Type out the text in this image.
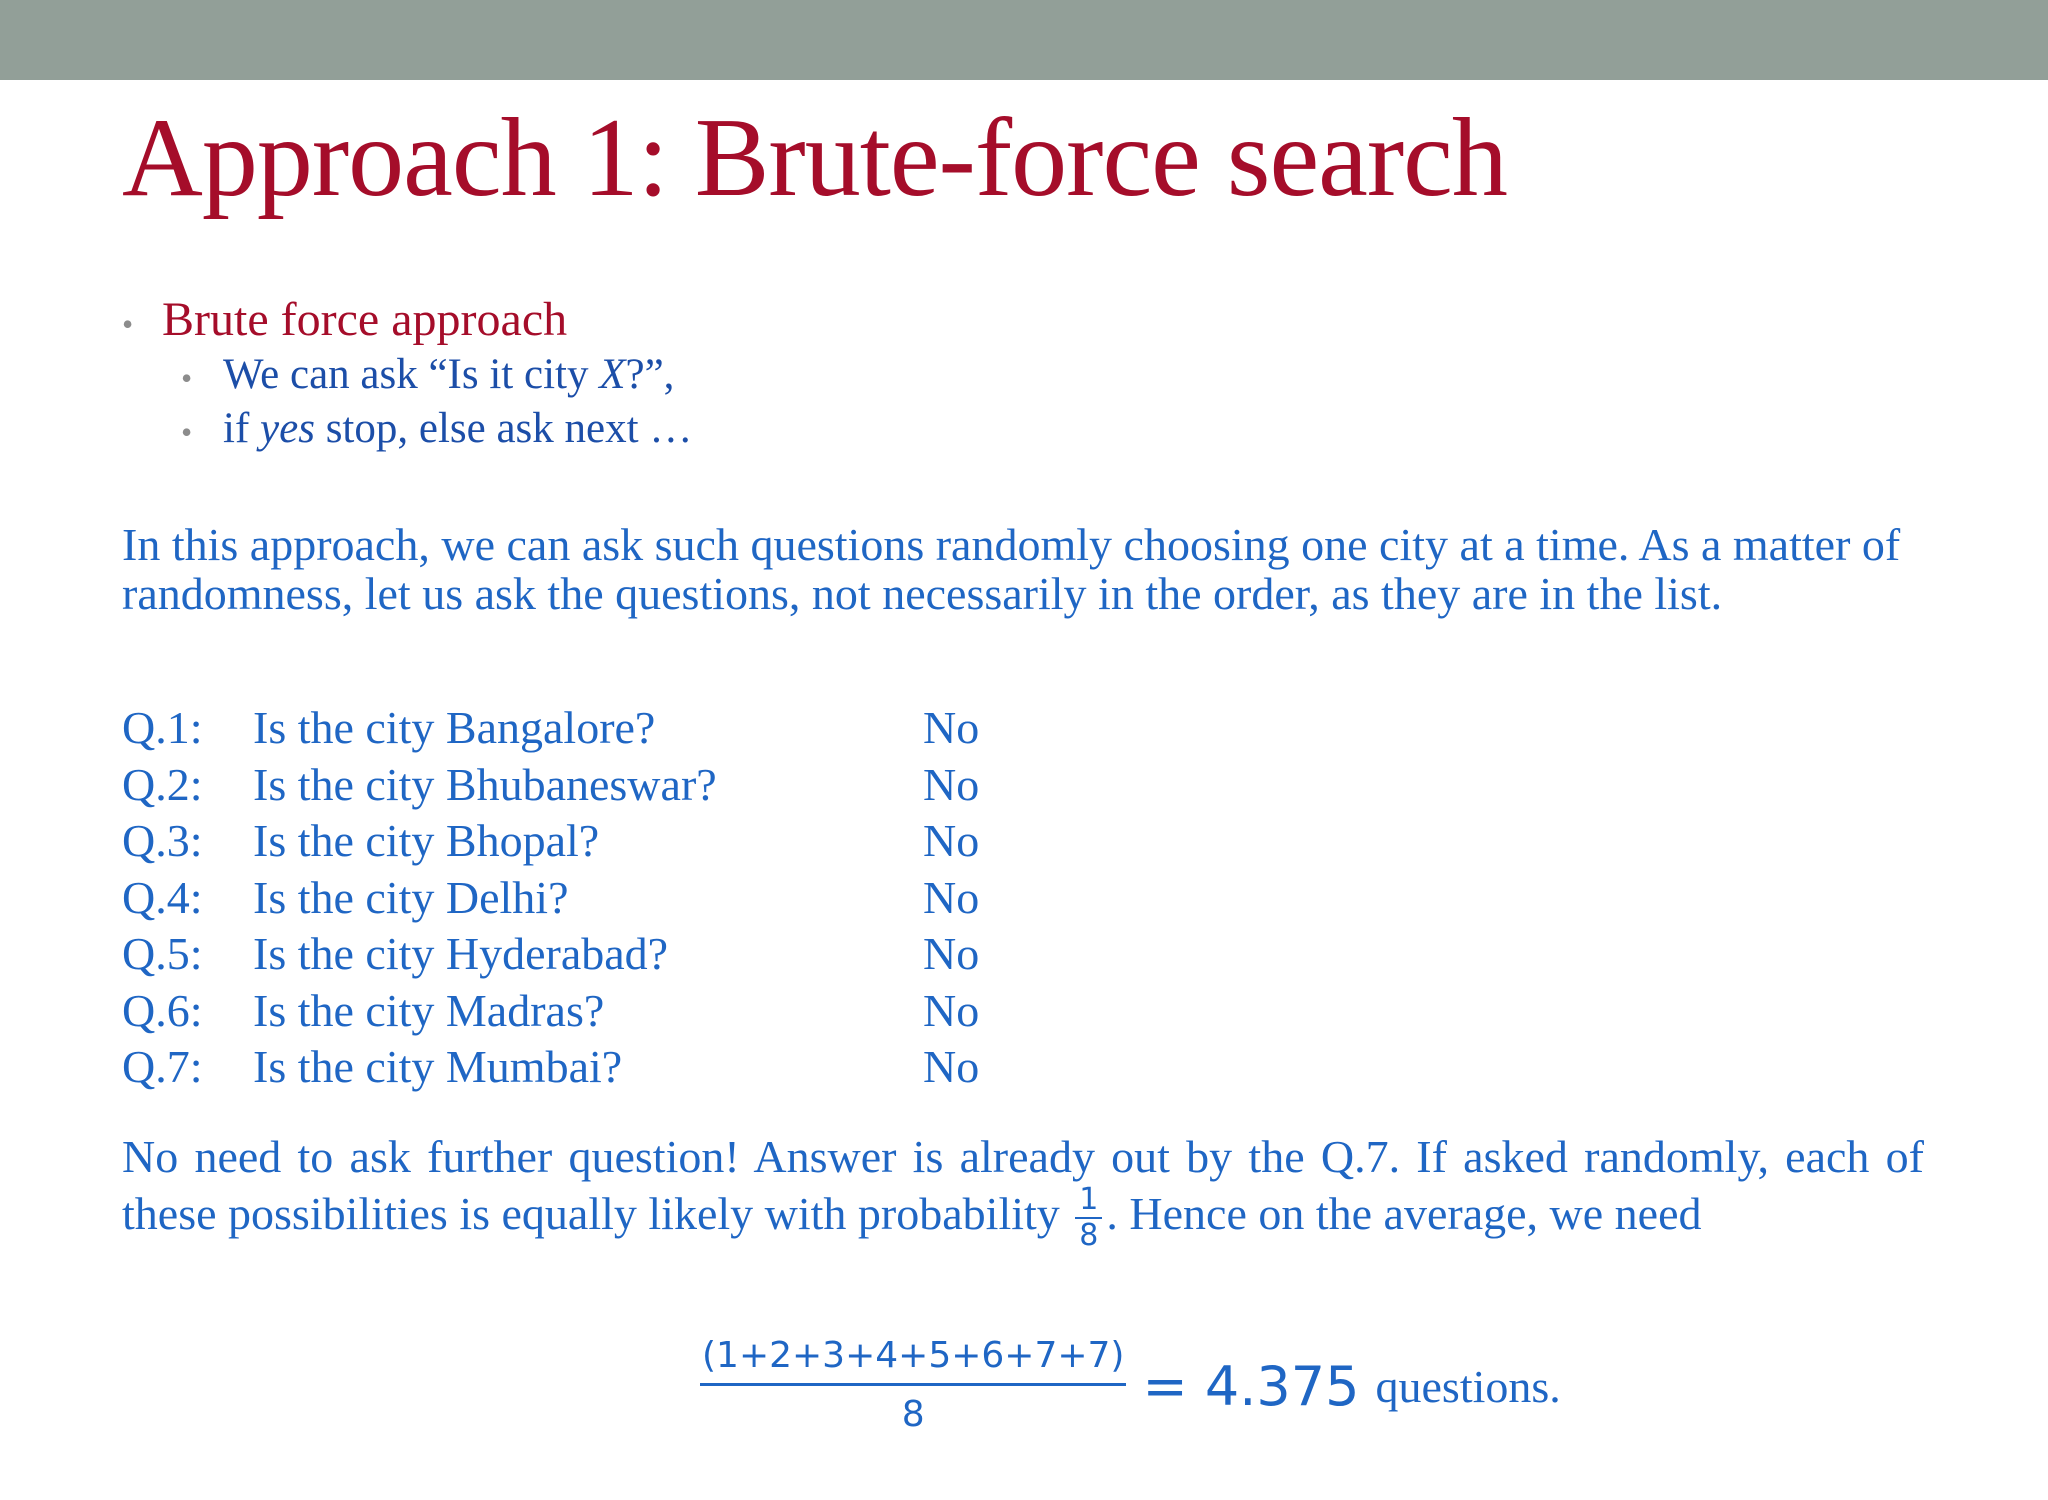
Approach 1: Brute-force search
• Brute force approach
• We can ask “Is it city X?”,
• if yes stop, else ask next …
In this approach, we can ask such questions randomly choosing one city at a time. As a matter of randomness, let us ask the questions, not necessarily in the order, as they are in the list.
Q.1: Is the city Bangalore?	No
Q.2: Is the city Bhubaneswar?	No
Q.3: Is the city Bhopal?	No
Q.4: Is the city Delhi?	No
Q.5: Is the city Hyderabad?	No
Q.6: Is the city Madras?	No
Q.7: Is the city Mumbai?	No
No need to ask further question! Answer is already out by the Q.7. If asked randomly, each of these possibilities is equally likely with probability $\frac{1}{8}$ . Hence on the average, we need
$\frac{(1+2+3+4+5+6+7+7)}{8} = 4.375$ questions.
